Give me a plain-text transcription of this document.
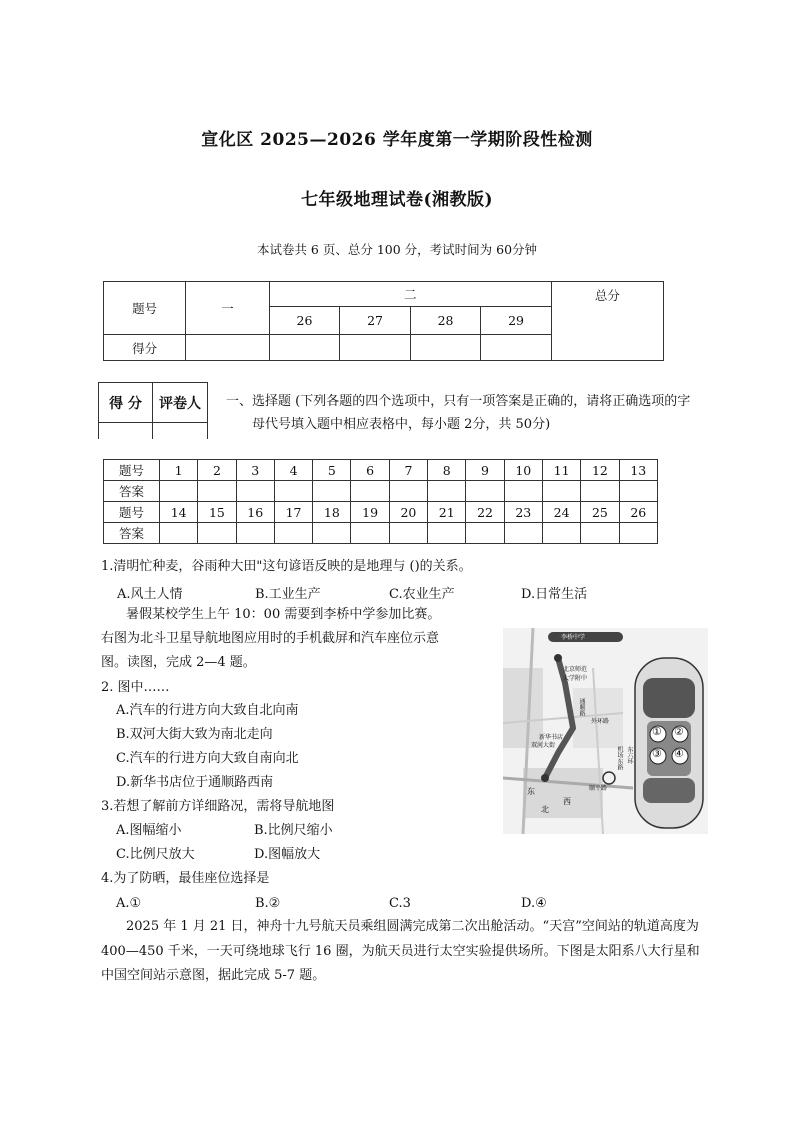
宣化区 2025—2026 学年度第一学期阶段性检测
七年级地理试卷(湘教版)
本试卷共 6 页、总分 100 分，考试时间为 60分钟
题号	一	二				总分
		26	27	28	29	
得分						
得 分	评卷人
	一、选择题 (下列各题的四个选项中，只有一项答案是正确的，请将正确选项的字
母代号填入题中相应表格中，每小题 2分，共 50分)
题号	1	2	3	4	5	6	7	8	9	10	11	12	13
答案													
题号	14	15	16	17	18	19	20	21	22	23	24	25	26
答案													
1.清明忙种麦，谷雨种大田"这句谚语反映的是地理与 ()的关系。
A.风土人情	B.工业生产	C.农业生产	D.日常生活
暑假某校学生上午 10：00 需要到李桥中学参加比赛。
右图为北斗卫星导航地图应用时的手机截屏和汽车座位示意
图。读图，完成 2—4 题。
2. 图中……
A.汽车的行进方向大致自北向南
B.双河大街大致为南北走向
C.汽车的行进方向大致自南向北
D.新华书店位于通顺路西南
3.若想了解前方详细路况，需将导航地图
A.图幅缩小	B.比例尺缩小
C.比例尺放大	D.图幅放大
4.为了防晒，最佳座位选择是
A.①	B.②	C.3	D.④
2025 年 1 月 21 日，神舟十九号航天员乘组圆满完成第二次出舱活动。“天宫”空间站的轨道高度为
400—450 千米，一天可绕地球飞行 16 圈，为航天员进行太空实验提供场所。下图是太阳系八大行星和
中国空间站示意图，据此完成 5-7 题。
① ②
③ ④
李桥中学
北京师范
大学附中
通顺路
外环路
新华书店
双河大街
顺平路
东
西
北
东六环
机场东路
